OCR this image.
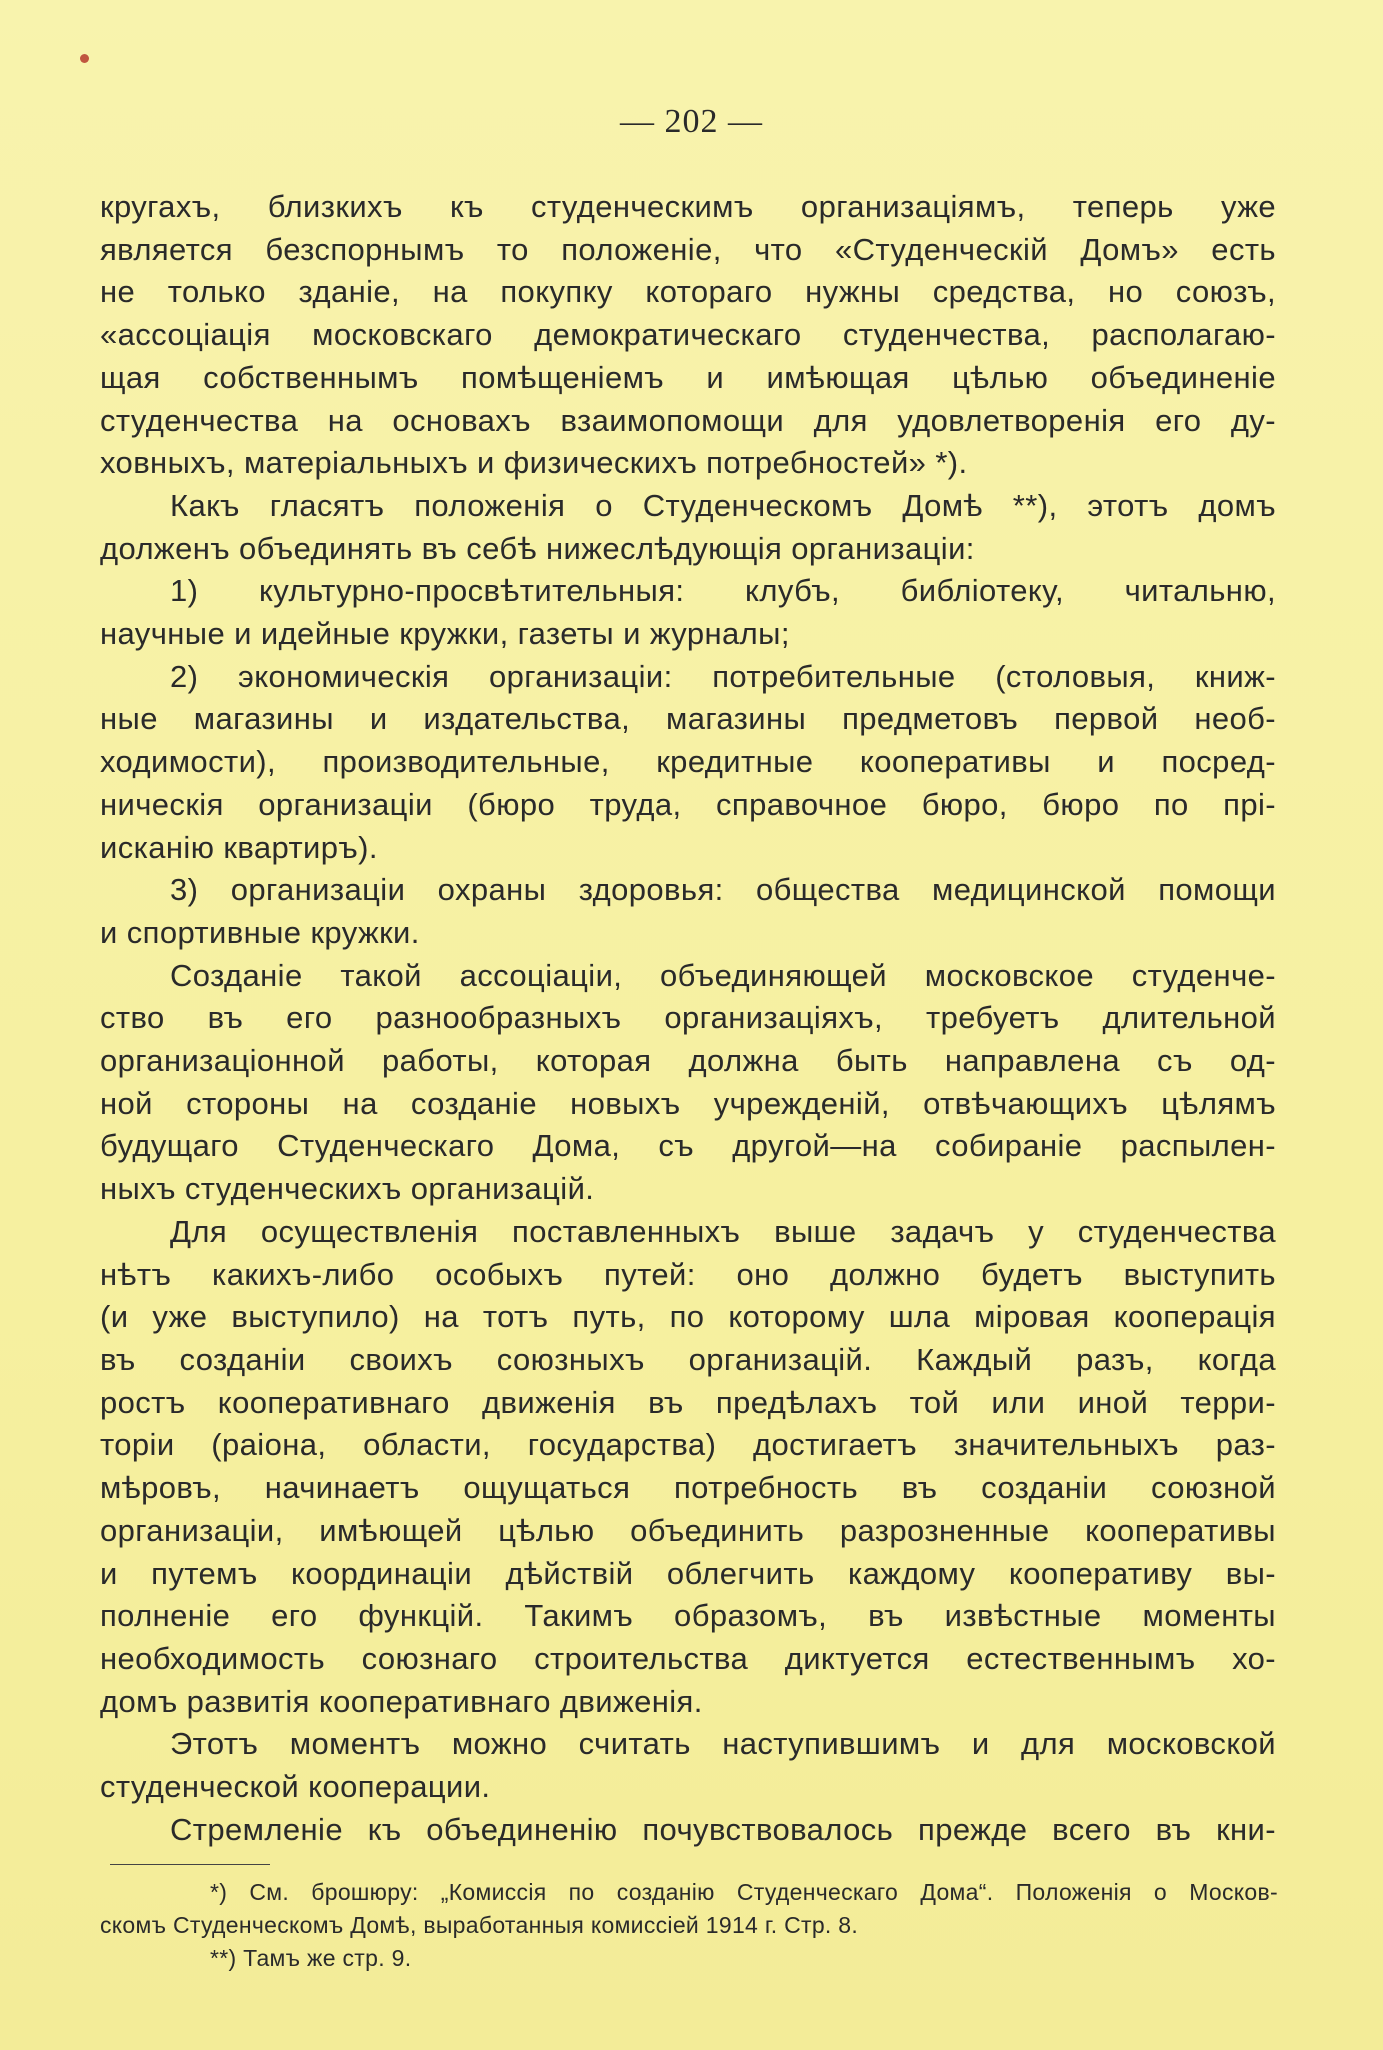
— 202 —
кругахъ, близкихъ къ студенческимъ организаціямъ, теперь уже
является безспорнымъ то положеніе, что «Студенческій Домъ» есть
не только зданіе, на покупку котораго нужны средства, но союзъ,
«ассоціація московскаго демократическаго студенчества, располагаю-
щая собственнымъ помѣщеніемъ и имѣющая цѣлью объединеніе
студенчества на основахъ взаимопомощи для удовлетворенія его ду-
ховныхъ, матеріальныхъ и физическихъ потребностей» *).
Какъ гласятъ положенія о Студенческомъ Домѣ **), этотъ домъ
долженъ объединять въ себѣ нижеслѣдующія организаціи:
1) культурно-просвѣтительныя: клубъ, библіотеку, читальню,
научные и идейные кружки, газеты и журналы;
2) экономическія организаціи: потребительные (столовыя, книж-
ные магазины и издательства, магазины предметовъ первой необ-
ходимости), производительные, кредитные кооперативы и посред-
ническія организаціи (бюро труда, справочное бюро, бюро по прі-
исканію квартиръ).
3) организаціи охраны здоровья: общества медицинской помощи
и спортивные кружки.
Созданіе такой ассоціаціи, объединяющей московское студенче-
ство въ его разнообразныхъ организаціяхъ, требуетъ длительной
организаціонной работы, которая должна быть направлена съ од-
ной стороны на созданіе новыхъ учрежденій, отвѣчающихъ цѣлямъ
будущаго Студенческаго Дома, съ другой—на собираніе распылен-
ныхъ студенческихъ организацій.
Для осуществленія поставленныхъ выше задачъ у студенчества
нѣтъ какихъ-либо особыхъ путей: оно должно будетъ выступить
(и уже выступило) на тотъ путь, по которому шла міровая кооперація
въ созданіи своихъ союзныхъ организацій. Каждый разъ, когда
ростъ кооперативнаго движенія въ предѣлахъ той или иной терри-
торіи (раіона, области, государства) достигаетъ значительныхъ раз-
мѣровъ, начинаетъ ощущаться потребность въ созданіи союзной
организаціи, имѣющей цѣлью объединить разрозненные кооперативы
и путемъ координаціи дѣйствій облегчить каждому кооперативу вы-
полненіе его функцій. Такимъ образомъ, въ извѣстные моменты
необходимость союзнаго строительства диктуется естественнымъ хо-
домъ развитія кооперативнаго движенія.
Этотъ моментъ можно считать наступившимъ и для московской
студенческой кооперации.
Стремленіе къ объединенію почувствовалось прежде всего въ кни-
*) См. брошюру: „Комиссія по созданію Студенческаго Дома“. Положенія о Москов-
скомъ Студенческомъ Домѣ, выработанныя комиссіей 1914 г. Стр. 8.
**) Тамъ же стр. 9.
